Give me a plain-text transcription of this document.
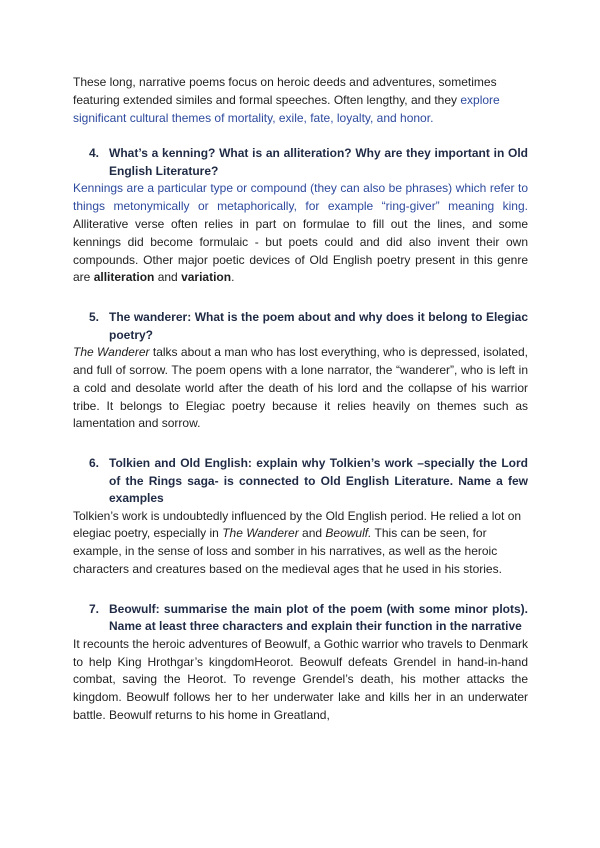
These long, narrative poems focus on heroic deeds and adventures, sometimes featuring extended similes and formal speeches. Often lengthy, and they explore significant cultural themes of mortality, exile, fate, loyalty, and honor.

4. What’s a kenning? What is an alliteration? Why are they important in Old English Literature?

Kennings are a particular type or compound (they can also be phrases) which refer to things metonymically or metaphorically, for example “ring-giver” meaning king. Alliterative verse often relies in part on formulae to fill out the lines, and some kennings did become formulaic - but poets could and did also invent their own compounds. Other major poetic devices of Old English poetry present in this genre are alliteration and variation.

5. The wanderer: What is the poem about and why does it belong to Elegiac poetry?

The Wanderer talks about a man who has lost everything, who is depressed, isolated, and full of sorrow. The poem opens with a lone narrator, the “wanderer”, who is left in a cold and desolate world after the death of his lord and the collapse of his warrior tribe. It belongs to Elegiac poetry because it relies heavily on themes such as lamentation and sorrow.

6. Tolkien and Old English: explain why Tolkien’s work –specially the Lord of the Rings saga- is connected to Old English Literature. Name a few examples

Tolkien’s work is undoubtedly influenced by the Old English period. He relied a lot on elegiac poetry, especially in The Wanderer and Beowulf. This can be seen, for example, in the sense of loss and somber in his narratives, as well as the heroic characters and creatures based on the medieval ages that he used in his stories.

7. Beowulf: summarise the main plot of the poem (with some minor plots). Name at least three characters and explain their function in the narrative

It recounts the heroic adventures of Beowulf, a Gothic warrior who travels to Denmark to help King Hrothgar’s kingdomHeorot. Beowulf defeats Grendel in hand-in-hand combat, saving the Heorot. To revenge Grendel’s death, his mother attacks the kingdom. Beowulf follows her to her underwater lake and kills her in an underwater battle. Beowulf returns to his home in Greatland,
